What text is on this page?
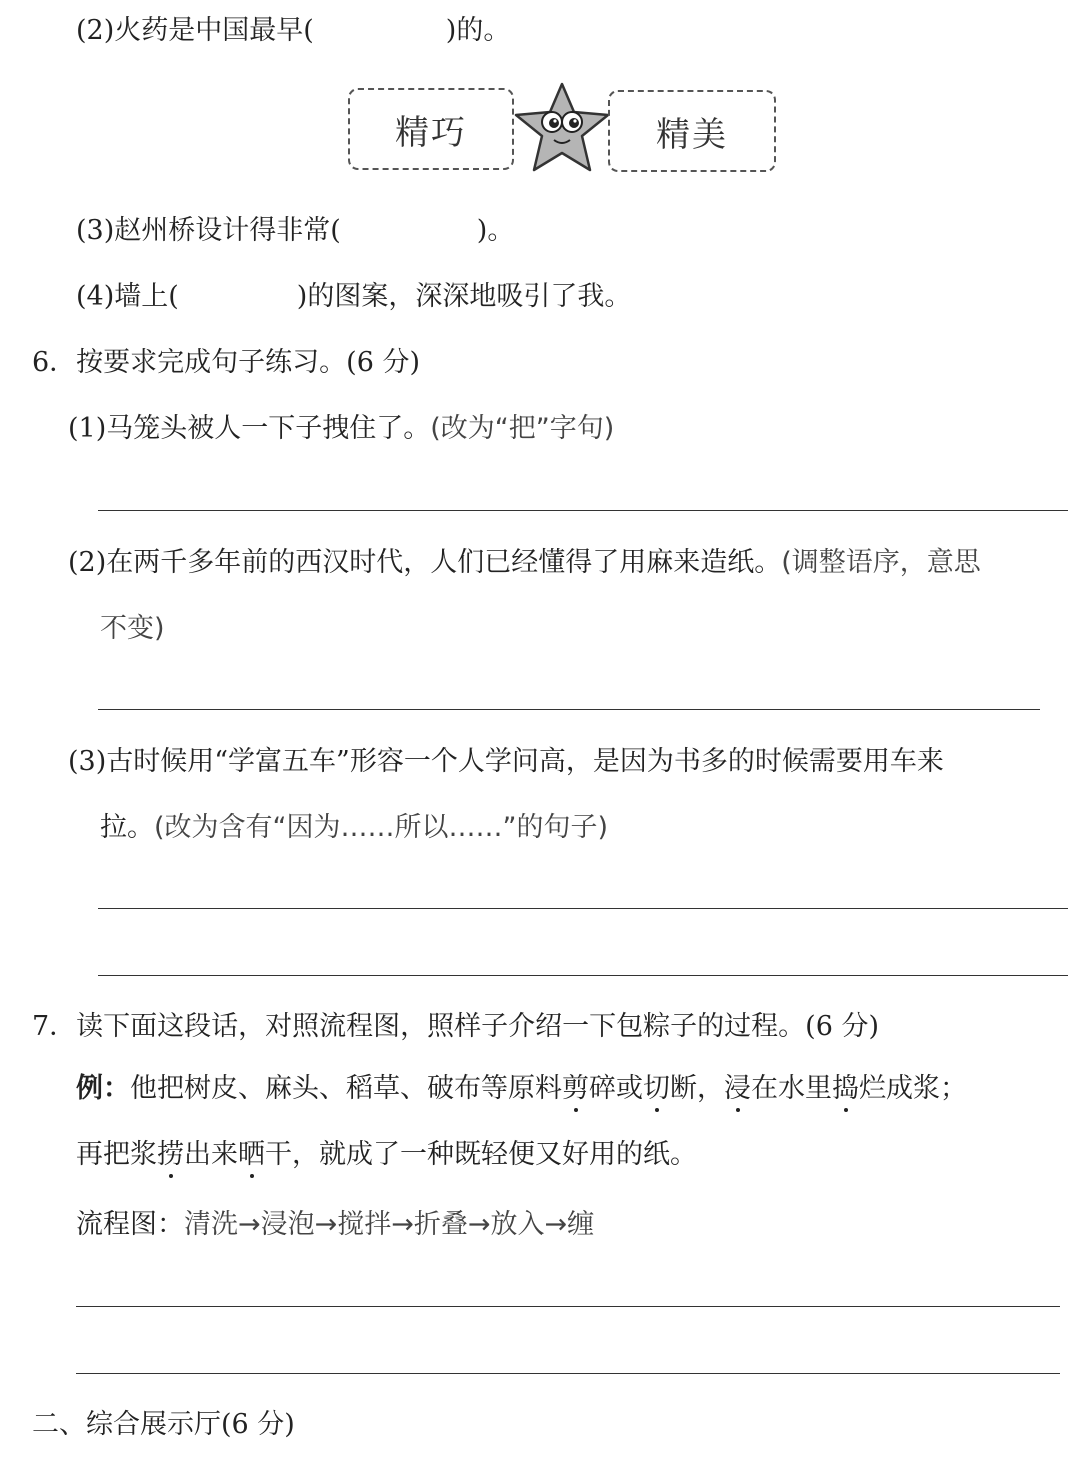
(2)火药是中国最早(	)的。
精巧	精美
(3)赵州桥设计得非常(	)。
(4)墙上(	)的图案，深深地吸引了我。
6．按要求完成句子练习。(6 分)
(1)马笼头被人一下子拽住了。(改为“把”字句)
(2)在两千多年前的西汉时代，人们已经懂得了用麻来造纸。(调整语序，意思
不变)
(3)古时候用“学富五车”形容一个人学问高，是因为书多的时候需要用车来
拉。(改为含有“因为……所以……”的句子)
7．读下面这段话，对照流程图，照样子介绍一下包粽子的过程。(6 分)
例：他把树皮、麻头、稻草、破布等原料剪碎或切断，浸在水里捣烂成浆；
再把浆捞出来晒干，就成了一种既轻便又好用的纸。
流程图：清洗→浸泡→搅拌→折叠→放入→缠
二、综合展示厅(6 分)
